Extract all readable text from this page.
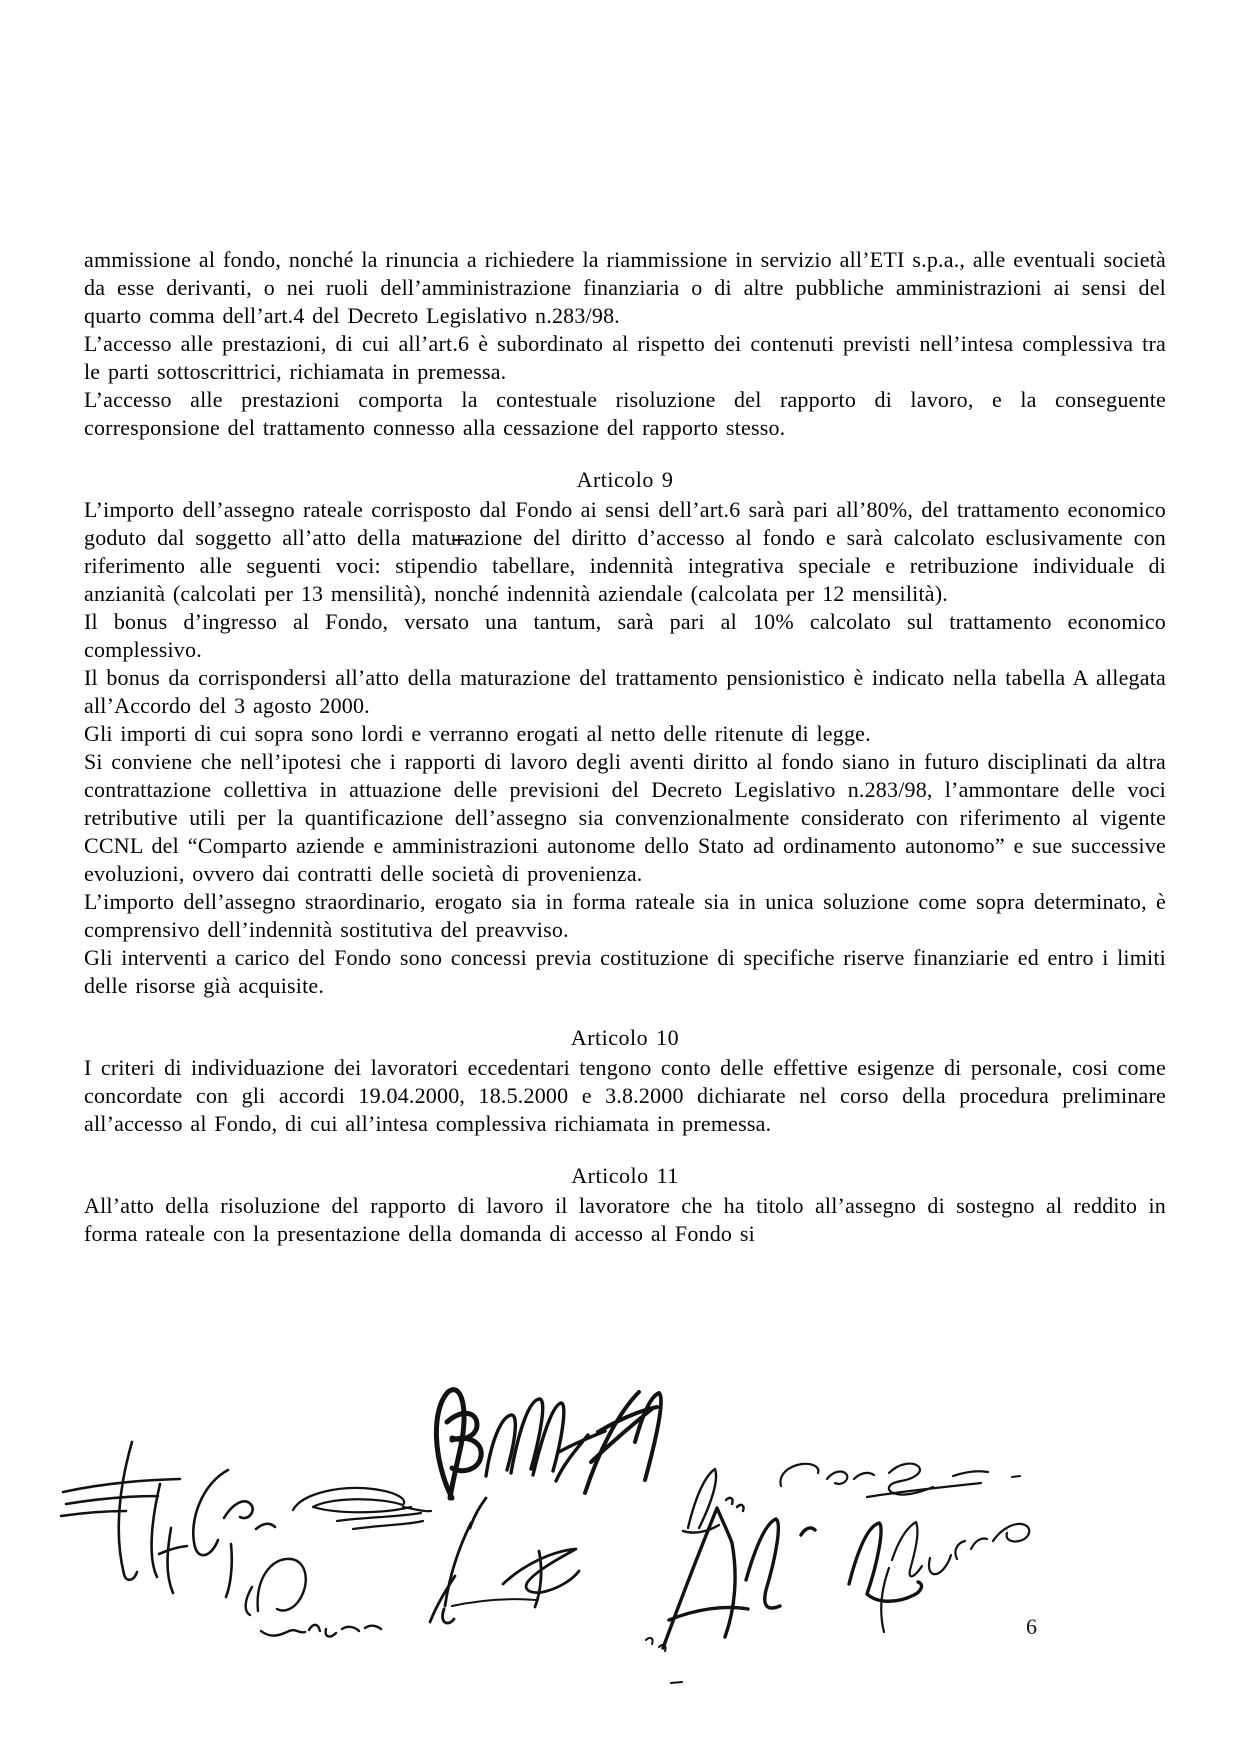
ammissione al fondo, nonché la rinuncia a richiedere la riammissione in servizio all’ETI s.p.a., alle eventuali società da esse derivanti, o nei ruoli dell’amministrazione finanziaria o di altre pubbliche amministrazioni ai sensi del quarto comma dell’art.4 del Decreto Legislativo n.283/98.

L’accesso alle prestazioni, di cui all’art.6 è subordinato al rispetto dei contenuti previsti nell’intesa complessiva tra le parti sottoscrittrici, richiamata in premessa.

L’accesso alle prestazioni comporta la contestuale risoluzione del rapporto di lavoro, e la conseguente corresponsione del trattamento connesso alla cessazione del rapporto stesso.

Articolo 9

L’importo dell’assegno rateale corrisposto dal Fondo ai sensi dell’art.6 sarà pari all’80%, del trattamento economico goduto dal soggetto all’atto della maturazione del diritto d’accesso al fondo e sarà calcolato esclusivamente con riferimento alle seguenti voci: stipendio tabellare, indennità integrativa speciale e retribuzione individuale di anzianità (calcolati per 13 mensilità), nonché indennità aziendale (calcolata per 12 mensilità).

Il bonus d’ingresso al Fondo, versato una tantum, sarà pari al 10% calcolato sul trattamento economico complessivo.

Il bonus da corrispondersi all’atto della maturazione del trattamento pensionistico è indicato nella tabella A allegata all’Accordo del 3 agosto 2000.

Gli importi di cui sopra sono lordi e verranno erogati al netto delle ritenute di legge.

Si conviene che nell’ipotesi che i rapporti di lavoro degli aventi diritto al fondo siano in futuro disciplinati da altra contrattazione collettiva in attuazione delle previsioni del Decreto Legislativo n.283/98, l’ammontare delle voci retributive utili per la quantificazione dell’assegno sia convenzionalmente considerato con riferimento al vigente CCNL del “Comparto aziende e amministrazioni autonome dello Stato ad ordinamento autonomo” e sue successive evoluzioni, ovvero dai contratti delle società di provenienza.

L’importo dell’assegno straordinario, erogato sia in forma rateale sia in unica soluzione come sopra determinato, è comprensivo dell’indennità sostitutiva del preavviso.

Gli interventi a carico del Fondo sono concessi previa costituzione di specifiche riserve finanziarie ed entro i limiti delle risorse già acquisite.

Articolo 10

I criteri di individuazione dei lavoratori eccedentari tengono conto delle effettive esigenze di personale, cosi come concordate con gli accordi 19.04.2000, 18.5.2000 e 3.8.2000 dichiarate nel corso della procedura preliminare all’accesso al Fondo, di cui all’intesa complessiva richiamata in premessa.

Articolo 11

All’atto della risoluzione del rapporto di lavoro il lavoratore che ha titolo all’assegno di sostegno al reddito in forma rateale con la presentazione della domanda di accesso al Fondo si

6
